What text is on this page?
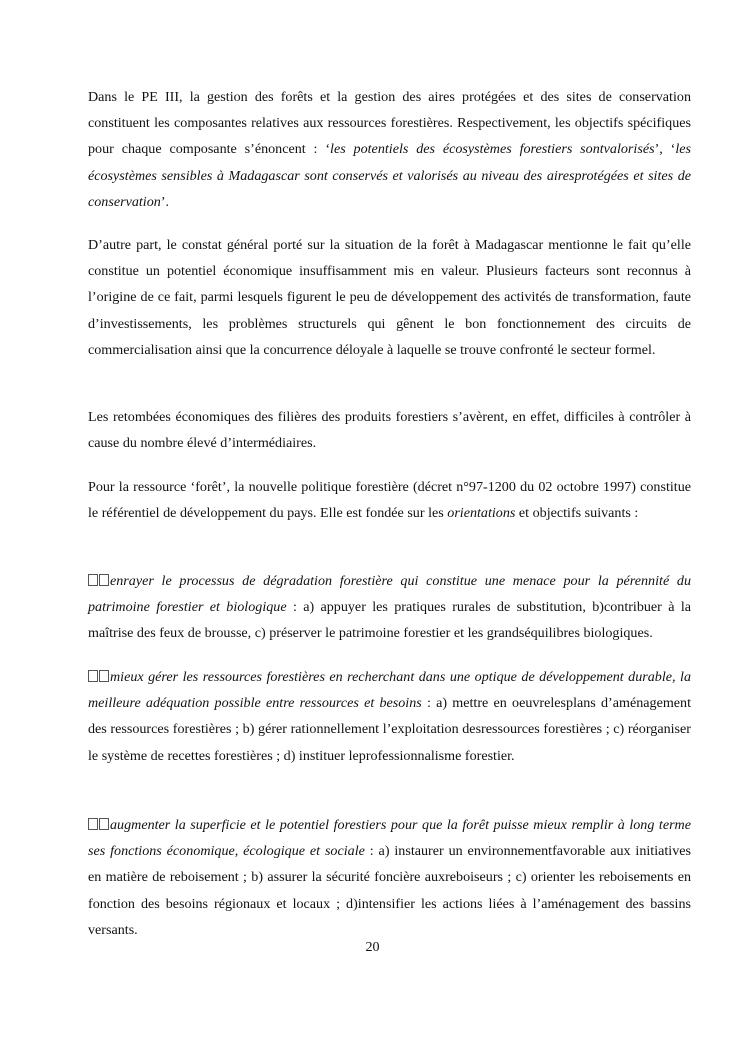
Dans le PE III, la gestion des forêts et la gestion des aires protégées et des sites de conservation constituent les composantes relatives aux ressources forestières. Respectivement, les objectifs spécifiques pour chaque composante s’énoncent : ‘les potentiels des écosystèmes forestiers sontvalorisés’, ‘les écosystèmes sensibles à Madagascar sont conservés et valorisés au niveau des airesprotégées et sites de conservation’.

D’autre part, le constat général porté sur la situation de la forêt à Madagascar mentionne le fait qu’elle constitue un potentiel économique insuffisamment mis en valeur. Plusieurs facteurs sont reconnus à l’origine de ce fait, parmi lesquels figurent le peu de développement des activités de transformation, faute d’investissements, les problèmes structurels qui gênent le bon fonctionnement des circuits de commercialisation ainsi que la concurrence déloyale à laquelle se trouve confronté le secteur formel.

Les retombées économiques des filières des produits forestiers s’avèrent, en effet, difficiles à contrôler à cause du nombre élevé d’intermédiaires.

Pour la ressource ‘forêt’, la nouvelle politique forestière (décret n°97-1200 du 02 octobre 1997) constitue le référentiel de développement du pays. Elle est fondée sur les orientations et objectifs suivants :

enrayer le processus de dégradation forestière qui constitue une menace pour la pérennité du patrimoine forestier et biologique : a) appuyer les pratiques rurales de substitution, b)contribuer à la maîtrise des feux de brousse, c) préserver le patrimoine forestier et les grandséquilibres biologiques.

mieux gérer les ressources forestières en recherchant dans une optique de développement durable, la meilleure adéquation possible entre ressources et besoins : a) mettre en oeuvrelesplans d’aménagement des ressources forestières ; b) gérer rationnellement l’exploitation desressources forestières ; c) réorganiser le système de recettes forestières ; d) instituer leprofessionnalisme forestier.

augmenter la superficie et le potentiel forestiers pour que la forêt puisse mieux remplir à long terme ses fonctions économique, écologique et sociale : a) instaurer un environnementfavorable aux initiatives en matière de reboisement ; b) assurer la sécurité foncière auxreboiseurs ; c) orienter les reboisements en fonction des besoins régionaux et locaux ; d)intensifier les actions liées à l’aménagement des bassins versants.

20
